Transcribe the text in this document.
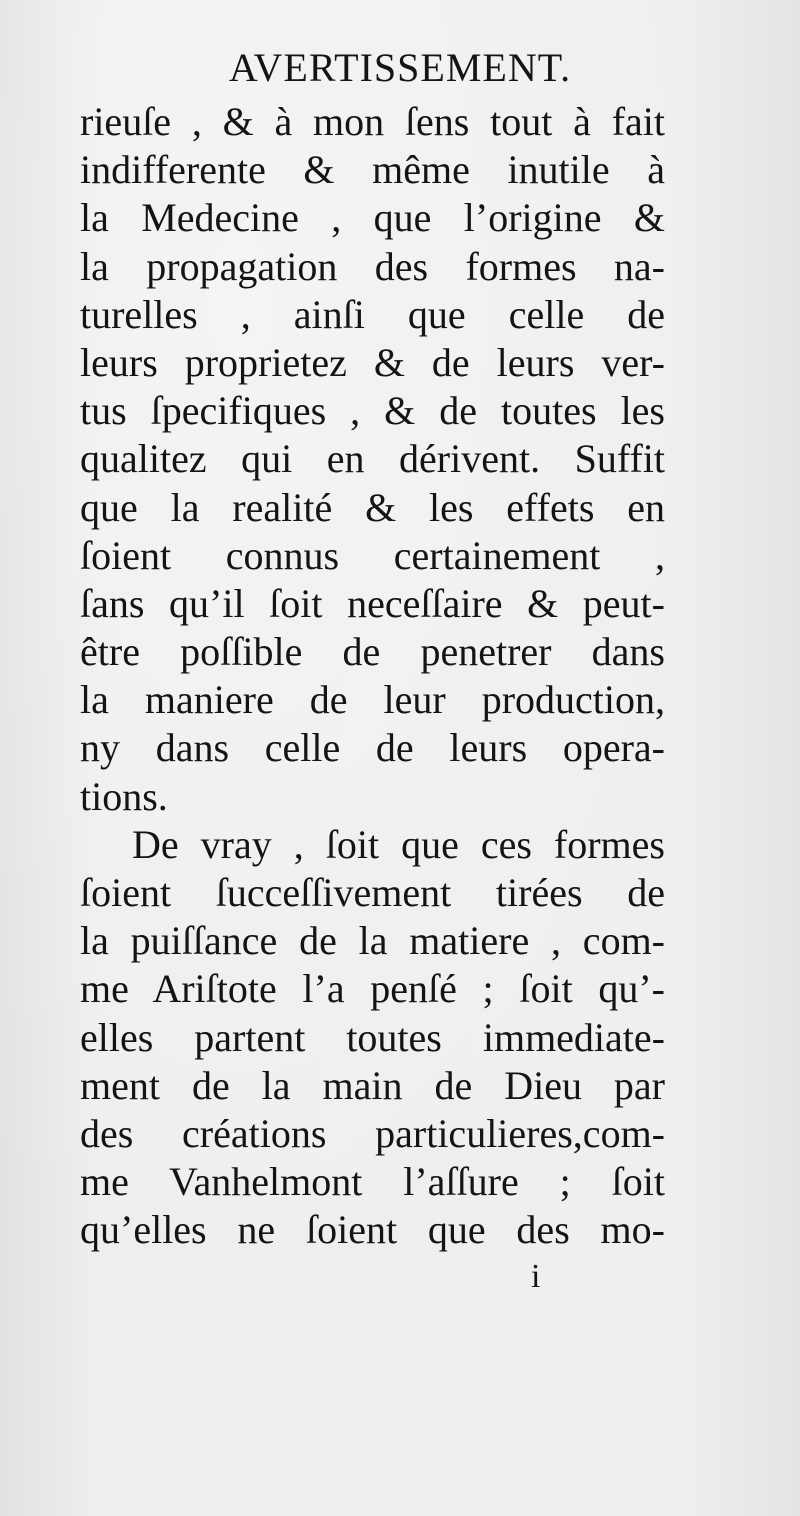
AVERTISSEMENT.
rieuſe , & à mon ſens tout à fait
indifferente & même inutile à
la Medecine , que l’origine &
la propagation des formes na-
turelles , ainſi que celle de
leurs proprietez & de leurs ver-
tus ſpecifiques , & de toutes les
qualitez qui en dérivent. Suffit
que la realité & les effets en
ſoient connus certainement ,
ſans qu’il ſoit neceſſaire & peut-
être poſſible de penetrer dans
la maniere de leur production,
ny dans celle de leurs opera-
tions.
De vray , ſoit que ces formes
ſoient ſucceſſivement tirées de
la puiſſance de la matiere , com-
me Ariſtote l’a penſé ; ſoit qu’-
elles partent toutes immediate-
ment de la main de Dieu par
des créations particulieres,com-
me Vanhelmont l’aſſure ; ſoit
qu’elles ne ſoient que des mo-
i
